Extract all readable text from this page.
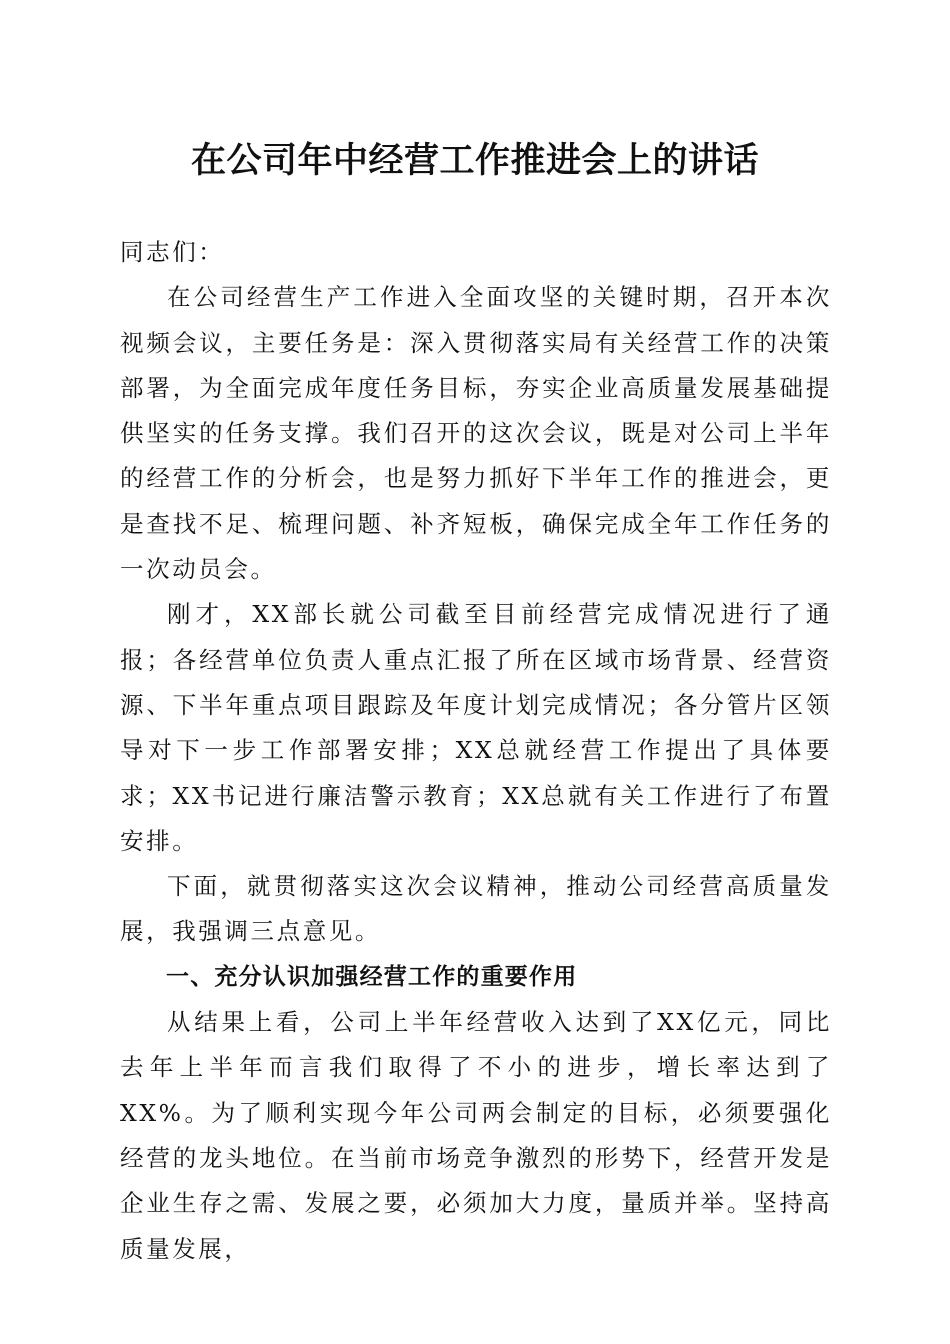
在公司年中经营工作推进会上的讲话

同志们：

在公司经营生产工作进入全面攻坚的关键时期，召开本次视频会议，主要任务是：深入贯彻落实局有关经营工作的决策部署，为全面完成年度任务目标，夯实企业高质量发展基础提供坚实的任务支撑。我们召开的这次会议，既是对公司上半年的经营工作的分析会，也是努力抓好下半年工作的推进会，更是查找不足、梳理问题、补齐短板，确保完成全年工作任务的一次动员会。

刚才，XX部长就公司截至目前经营完成情况进行了通报；各经营单位负责人重点汇报了所在区域市场背景、经营资源、下半年重点项目跟踪及年度计划完成情况；各分管片区领导对下一步工作部署安排；XX总就经营工作提出了具体要求；XX书记进行廉洁警示教育；XX总就有关工作进行了布置安排。

下面，就贯彻落实这次会议精神，推动公司经营高质量发展，我强调三点意见。

一、充分认识加强经营工作的重要作用

从结果上看，公司上半年经营收入达到了XX亿元，同比去年上半年而言我们取得了不小的进步，增长率达到了XX%。为了顺利实现今年公司两会制定的目标，必须要强化经营的龙头地位。在当前市场竞争激烈的形势下，经营开发是企业生存之需、发展之要，必须加大力度，量质并举。坚持高质量发展，
